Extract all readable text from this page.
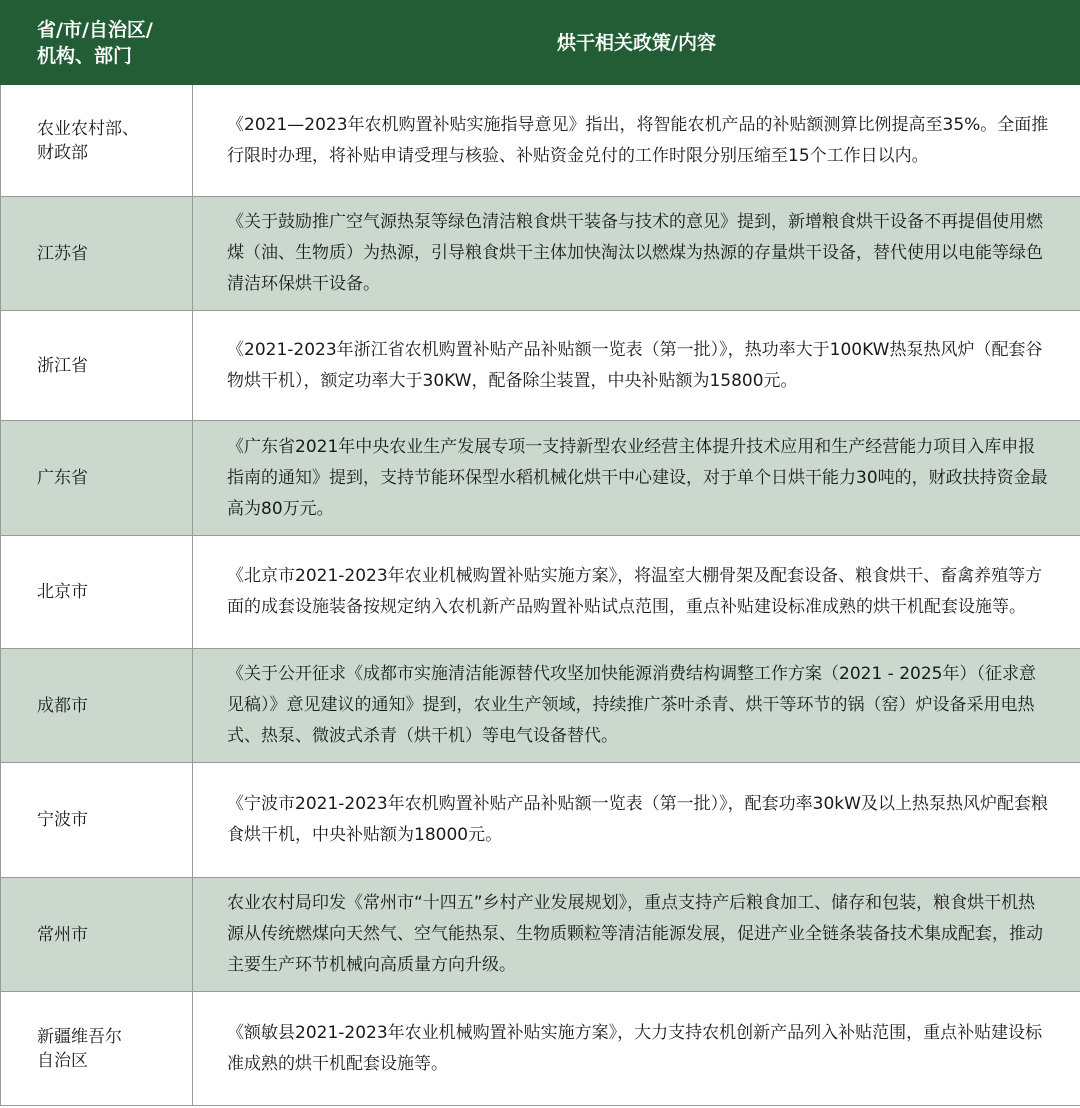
省/市/自治区/
机构、部门	烘干相关政策/内容

农业农村部、
财政部	《2021—2023年农机购置补贴实施指导意见》指出，将智能农机产品的补贴额测算比例提高至35%。全面推行限时办理，将补贴申请受理与核验、补贴资金兑付的工作时限分别压缩至15个工作日以内。

江苏省	《关于鼓励推广空气源热泵等绿色清洁粮食烘干装备与技术的意见》提到，新增粮食烘干设备不再提倡使用燃煤（油、生物质）为热源，引导粮食烘干主体加快淘汰以燃煤为热源的存量烘干设备，替代使用以电能等绿色清洁环保烘干设备。

浙江省	《2021-2023年浙江省农机购置补贴产品补贴额一览表（第一批）》，热功率大于100KW热泵热风炉（配套谷物烘干机），额定功率大于30KW，配备除尘装置，中央补贴额为15800元。

广东省	《广东省2021年中央农业生产发展专项一支持新型农业经营主体提升技术应用和生产经营能力项目入库申报指南的通知》提到，支持节能环保型水稻机械化烘干中心建设，对于单个日烘干能力30吨的，财政扶持资金最高为80万元。

北京市	《北京市2021-2023年农业机械购置补贴实施方案》，将温室大棚骨架及配套设备、粮食烘干、畜禽养殖等方面的成套设施装备按规定纳入农机新产品购置补贴试点范围，重点补贴建设标准成熟的烘干机配套设施等。

成都市	《关于公开征求《成都市实施清洁能源替代攻坚加快能源消费结构调整工作方案（2021 - 2025年）（征求意见稿）》意见建议的通知》提到，农业生产领域，持续推广茶叶杀青、烘干等环节的锅（窑）炉设备采用电热式、热泵、微波式杀青（烘干机）等电气设备替代。

宁波市	《宁波市2021-2023年农机购置补贴产品补贴额一览表（第一批）》，配套功率30kW及以上热泵热风炉配套粮食烘干机，中央补贴额为18000元。

常州市	农业农村局印发《常州市“十四五”乡村产业发展规划》，重点支持产后粮食加工、储存和包装，粮食烘干机热源从传统燃煤向天然气、空气能热泵、生物质颗粒等清洁能源发展，促进产业全链条装备技术集成配套，推动主要生产环节机械向高质量方向升级。

新疆维吾尔
自治区	《额敏县2021-2023年农业机械购置补贴实施方案》，大力支持农机创新产品列入补贴范围，重点补贴建设标准成熟的烘干机配套设施等。
